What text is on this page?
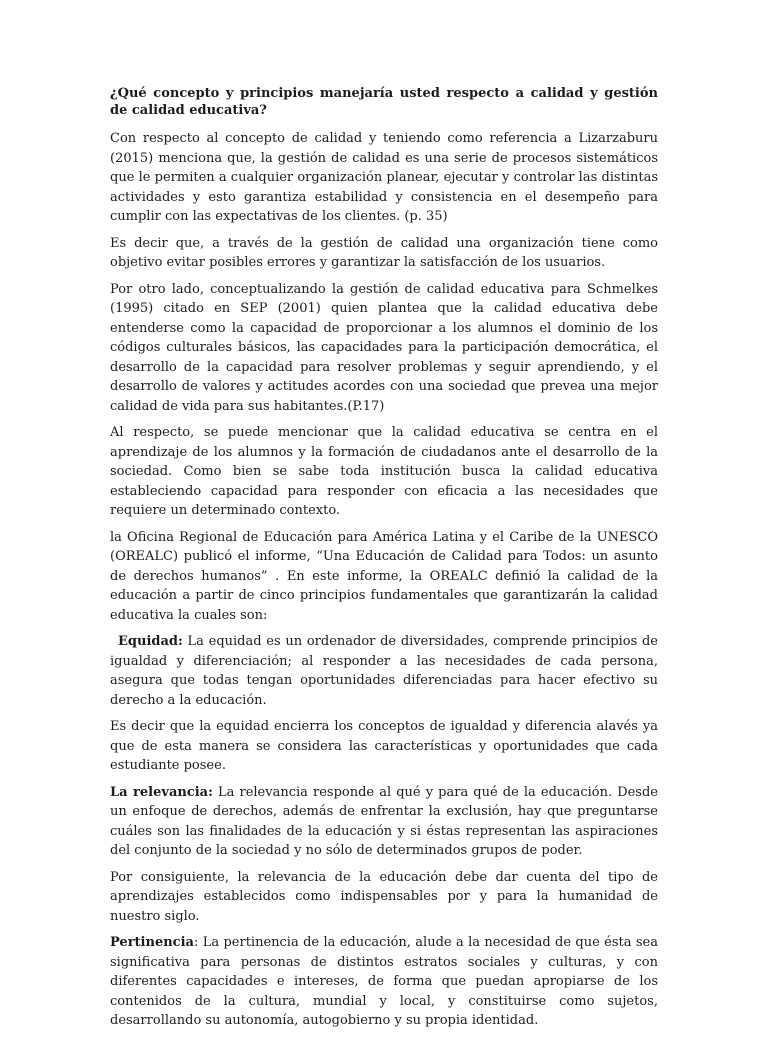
¿Qué concepto y principios manejaría usted respecto a calidad y gestión de calidad educativa?

Con respecto al concepto de calidad y teniendo como referencia a Lizarzaburu (2015) menciona que, la gestión de calidad es una serie de procesos sistemáticos que le permiten a cualquier organización planear, ejecutar y controlar las distintas actividades y esto garantiza estabilidad y consistencia en el desempeño para cumplir con las expectativas de los clientes. (p. 35)

Es decir que, a través de la gestión de calidad una organización tiene como objetivo evitar posibles errores y garantizar la satisfacción de los usuarios.

Por otro lado, conceptualizando la gestión de calidad educativa para Schmelkes (1995) citado en SEP (2001) quien plantea que la calidad educativa debe entenderse como la capacidad de proporcionar a los alumnos el dominio de los códigos culturales básicos, las capacidades para la participación democrática, el desarrollo de la capacidad para resolver problemas y seguir aprendiendo, y el desarrollo de valores y actitudes acordes con una sociedad que prevea una mejor calidad de vida para sus habitantes.(P.17)

Al respecto, se puede mencionar que la calidad educativa se centra en el aprendizaje de los alumnos y la formación de ciudadanos ante el desarrollo de la sociedad. Como bien se sabe toda institución busca la calidad educativa estableciendo capacidad para responder con eficacia a las necesidades que requiere un determinado contexto.

la Oficina Regional de Educación para América Latina y el Caribe de la UNESCO (OREALC) publicó el informe, “Una Educación de Calidad para Todos: un asunto de derechos humanos” . En este informe, la OREALC definió la calidad de la educación a partir de cinco principios fundamentales que garantizarán la calidad educativa la cuales son:

Equidad: La equidad es un ordenador de diversidades, comprende principios de igualdad y diferenciación; al responder a las necesidades de cada persona, asegura que todas tengan oportunidades diferenciadas para hacer efectivo su derecho a la educación.

Es decir que la equidad encierra los conceptos de igualdad y diferencia alavés ya que de esta manera se considera las características y oportunidades que cada estudiante posee.

La relevancia: La relevancia responde al qué y para qué de la educación. Desde un enfoque de derechos, además de enfrentar la exclusión, hay que preguntarse cuáles son las finalidades de la educación y si éstas representan las aspiraciones del conjunto de la sociedad y no sólo de determinados grupos de poder.

Por consiguiente, la relevancia de la educación debe dar cuenta del tipo de aprendizajes establecidos como indispensables por y para la humanidad de nuestro siglo.

Pertinencia: La pertinencia de la educación, alude a la necesidad de que ésta sea significativa para personas de distintos estratos sociales y culturas, y con diferentes capacidades e intereses, de forma que puedan apropiarse de los contenidos de la cultura, mundial y local, y constituirse como sujetos, desarrollando su autonomía, autogobierno y su propia identidad.
